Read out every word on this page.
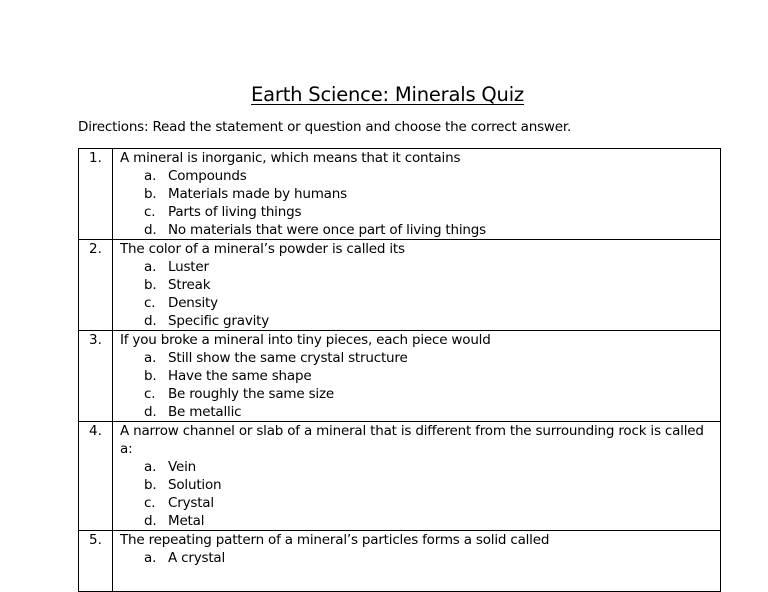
Earth Science: Minerals Quiz
Directions: Read the statement or question and choose the correct answer.
1.	A mineral is inorganic, which means that it contains
a. Compounds
b. Materials made by humans
c. Parts of living things
d. No materials that were once part of living things

2.	The color of a mineral’s powder is called its
a. Luster
b. Streak
c. Density
d. Specific gravity

3.	If you broke a mineral into tiny pieces, each piece would
a. Still show the same crystal structure
b. Have the same shape
c. Be roughly the same size
d. Be metallic

4.	A narrow channel or slab of a mineral that is different from the surrounding rock is called a:
a. Vein
b. Solution
c. Crystal
d. Metal

5.	The repeating pattern of a mineral’s particles forms a solid called
a. A crystal
